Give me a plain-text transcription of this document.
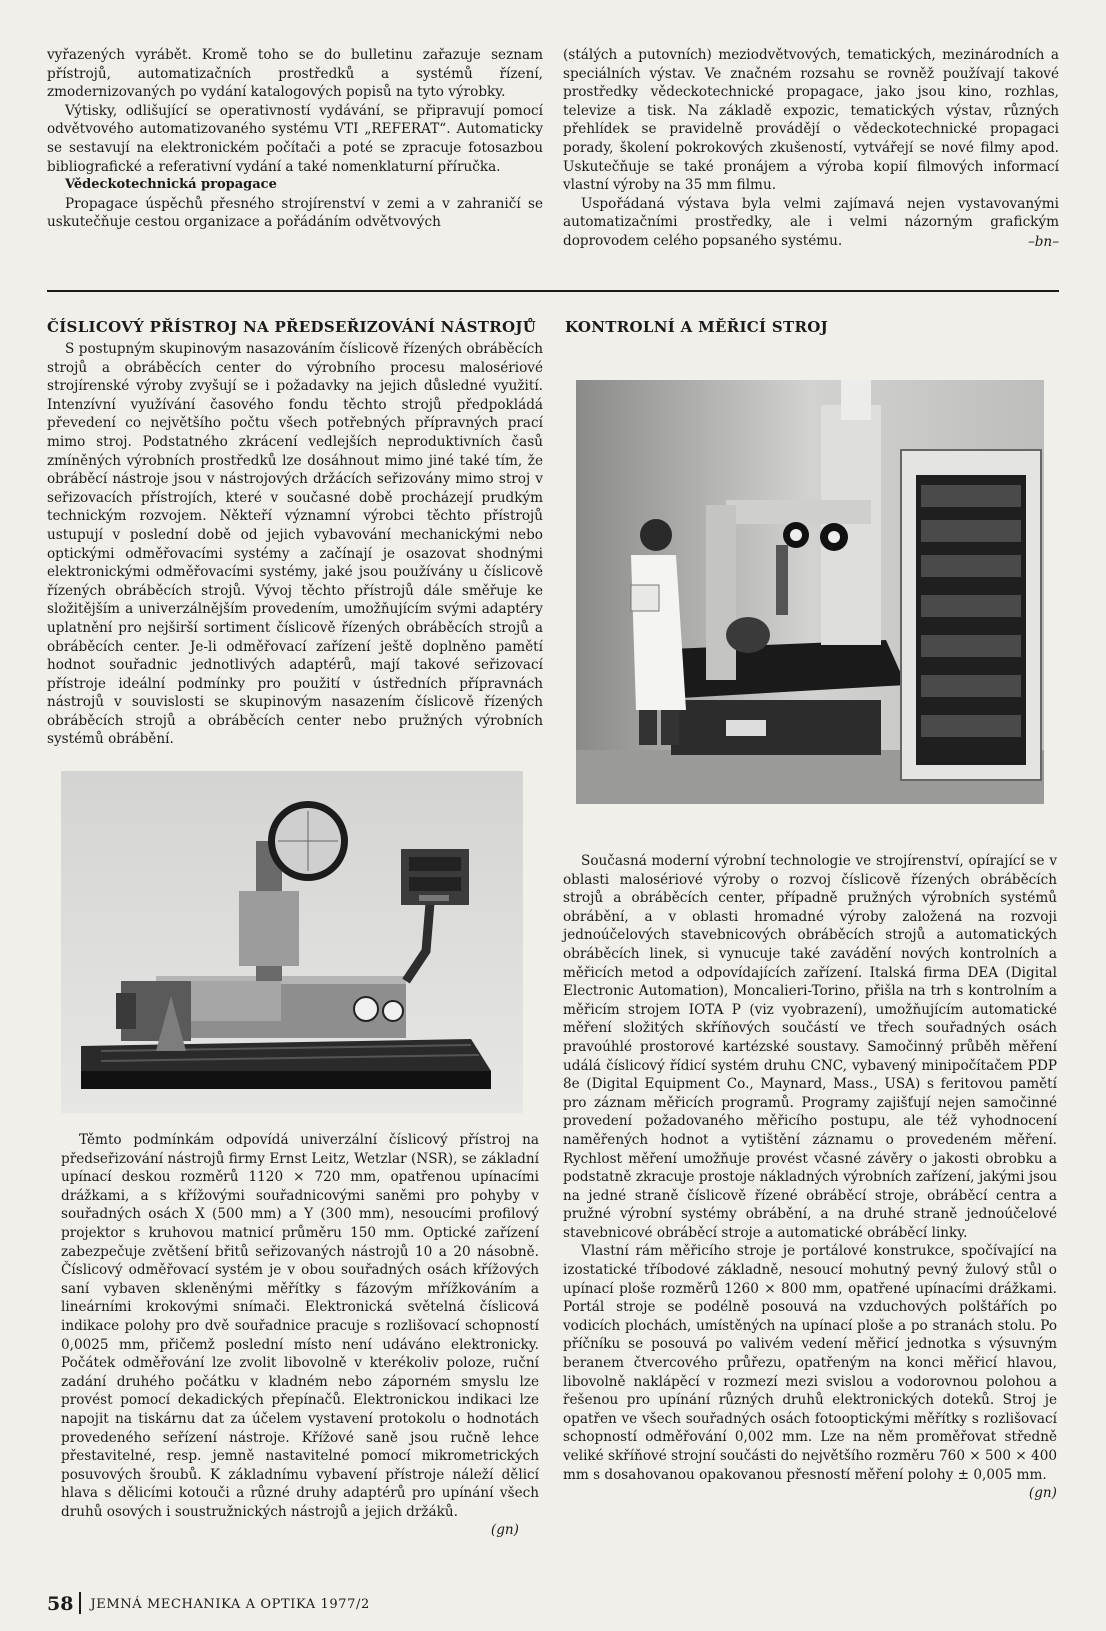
vyřazených vyrábět. Kromě toho se do bulletinu zařazuje seznam přístrojů, automatizačních prostředků a systémů řízení, zmodernizovaných po vydání katalogových popisů na tyto výrobky.

Výtisky, odlišující se operativností vydávání, se připravují pomocí odvětvového automatizovaného systému VTI „REFERAT“. Automaticky se sestavují na elektronickém počítači a poté se zpracuje fotosazbou bibliografické a referativní vydání a také nomenklaturní příručka.

Vědeckotechnická propagace

Propagace úspěchů přesného strojírenství v zemi a v zahraničí se uskutečňuje cestou organizace a pořádáním odvětvových

(stálých a putovních) meziodvětvových, tematických, mezinárodních a speciálních výstav. Ve značném rozsahu se rovněž používají takové prostředky vědeckotechnické propagace, jako jsou kino, rozhlas, televize a tisk. Na základě expozic, tematických výstav, různých přehlídek se pravidelně provádějí o vědeckotechnické propagaci porady, školení pokrokových zkušeností, vytvářejí se nové filmy apod. Uskutečňuje se také pronájem a výroba kopií filmových informací vlastní výroby na 35 mm filmu.

Uspořádaná výstava byla velmi zajímavá nejen vystavovanými automatizačními prostředky, ale i velmi názorným grafickým doprovodem celého popsaného systému.	–bn–

ČÍSLICOVÝ PŘÍSTROJ NA PŘEDSEŘIZOVÁNÍ NÁSTROJŮ

S postupným skupinovým nasazováním číslicově řízených obráběcích strojů a obráběcích center do výrobního procesu malosériové strojírenské výroby zvyšují se i požadavky na jejich důsledné využití. Intenzívní využívání časového fondu těchto strojů předpokládá převedení co největšího počtu všech potřebných přípravných prací mimo stroj. Podstatného zkrácení vedlejších neproduktivních časů zmíněných výrobních prostředků lze dosáhnout mimo jiné také tím, že obráběcí nástroje jsou v nástrojových držácích seřizovány mimo stroj v seřizovacích přístrojích, které v současné době procházejí prudkým technickým rozvojem. Někteří významní výrobci těchto přístrojů ustupují v poslední době od jejich vybavování mechanickými nebo optickými odměřovacími systémy a začínají je osazovat shodnými elektronickými odměřovacími systémy, jaké jsou používány u číslicově řízených obráběcích strojů. Vývoj těchto přístrojů dále směřuje ke složitějším a univerzálnějším provedením, umožňujícím svými adaptéry uplatnění pro nejširší sortiment číslicově řízených obráběcích strojů a obráběcích center. Je-li odměřovací zařízení ještě doplněno pamětí hodnot souřadnic jednotlivých adaptérů, mají takové seřizovací přístroje ideální podmínky pro použití v ústředních přípravnách nástrojů v souvislosti se skupinovým nasazením číslicově řízených obráběcích strojů a obráběcích center nebo pružných výrobních systémů obrábění.

Těmto podmínkám odpovídá univerzální číslicový přístroj na předseřizování nástrojů firmy Ernst Leitz, Wetzlar (NSR), se základní upínací deskou rozměrů 1120 × 720 mm, opatřenou upínacími drážkami, a s křížovými souřadnicovými saněmi pro pohyby v souřadných osách X (500 mm) a Y (300 mm), nesoucími profilový projektor s kruhovou matnicí průměru 150 mm. Optické zařízení zabezpečuje zvětšení břitů seřizovaných nástrojů 10 a 20 násobně. Číslicový odměřovací systém je v obou souřadných osách křížových saní vybaven skleněnými měřítky s fázovým mřížkováním a lineárními krokovými snímači. Elektronická světelná číslicová indikace polohy pro dvě souřadnice pracuje s rozlišovací schopností 0,0025 mm, přičemž poslední místo není udáváno elektronicky. Počátek odměřování lze zvolit libovolně v kterékoliv poloze, ruční zadání druhého počátku v kladném nebo záporném smyslu lze provést pomocí dekadických přepínačů. Elektronickou indikaci lze napojit na tiskárnu dat za účelem vystavení protokolu o hodnotách provedeného seřízení nástroje. Křížové saně jsou ručně lehce přestavitelné, resp. jemně nastavitelné pomocí mikrometrických posuvových šroubů. K základnímu vybavení přístroje náleží dělicí hlava s dělicími kotouči a různé druhy adaptérů pro upínání všech druhů osových i soustružnických nástrojů a jejich držáků.

(gn)

KONTROLNÍ A MĚŘICÍ STROJ

Současná moderní výrobní technologie ve strojírenství, opírající se v oblasti malosériové výroby o rozvoj číslicově řízených obráběcích strojů a obráběcích center, případně pružných výrobních systémů obrábění, a v oblasti hromadné výroby založená na rozvoji jednoúčelových stavebnicových obráběcích strojů a automatických obráběcích linek, si vynucuje také zavádění nových kontrolních a měřicích metod a odpovídajících zařízení. Italská firma DEA (Digital Electronic Automation), Moncalieri-Torino, přišla na trh s kontrolním a měřicím strojem IOTA P (viz vyobrazení), umožňujícím automatické měření složitých skříňových součástí ve třech souřadných osách pravoúhlé prostorové kartézské soustavy. Samočinný průběh měření událá číslicový řídicí systém druhu CNC, vybavený minipočítačem PDP 8e (Digital Equipment Co., Maynard, Mass., USA) s feritovou pamětí pro záznam měřicích programů. Programy zajišťují nejen samočinné provedení požadovaného měřicího postupu, ale též vyhodnocení naměřených hodnot a vytištění záznamu o provedeném měření. Rychlost měření umožňuje provést včasné závěry o jakosti obrobku a podstatně zkracuje prostoje nákladných výrobních zařízení, jakými jsou na jedné straně číslicově řízené obráběcí stroje, obráběcí centra a pružné výrobní systémy obrábění, a na druhé straně jednoúčelové stavebnicové obráběcí stroje a automatické obráběcí linky.

Vlastní rám měřicího stroje je portálové konstrukce, spočívající na izostatické tříbodové základně, nesoucí mohutný pevný žulový stůl o upínací ploše rozměrů 1260 × 800 mm, opatřené upínacími drážkami. Portál stroje se podélně posouvá na vzduchových polštářích po vodicích plochách, umístěných na upínací ploše a po stranách stolu. Po příčníku se posouvá po valivém vedení měřicí jednotka s výsuvným beranem čtvercového průřezu, opatřeným na konci měřicí hlavou, libovolně naklápěcí v rozmezí mezi svislou a vodorovnou polohou a řešenou pro upínání různých druhů elektronických doteků. Stroj je opatřen ve všech souřadných osách fotooptickými měřítky s rozlišovací schopností odměřování 0,002 mm. Lze na něm proměřovat středně veliké skříňové strojní součásti do největšího rozměru 760 × 500 × 400 mm s dosahovanou opakovanou přesností měření polohy ± 0,005 mm.

(gn)

58 JEMNÁ MECHANIKA A OPTIKA 1977/2
